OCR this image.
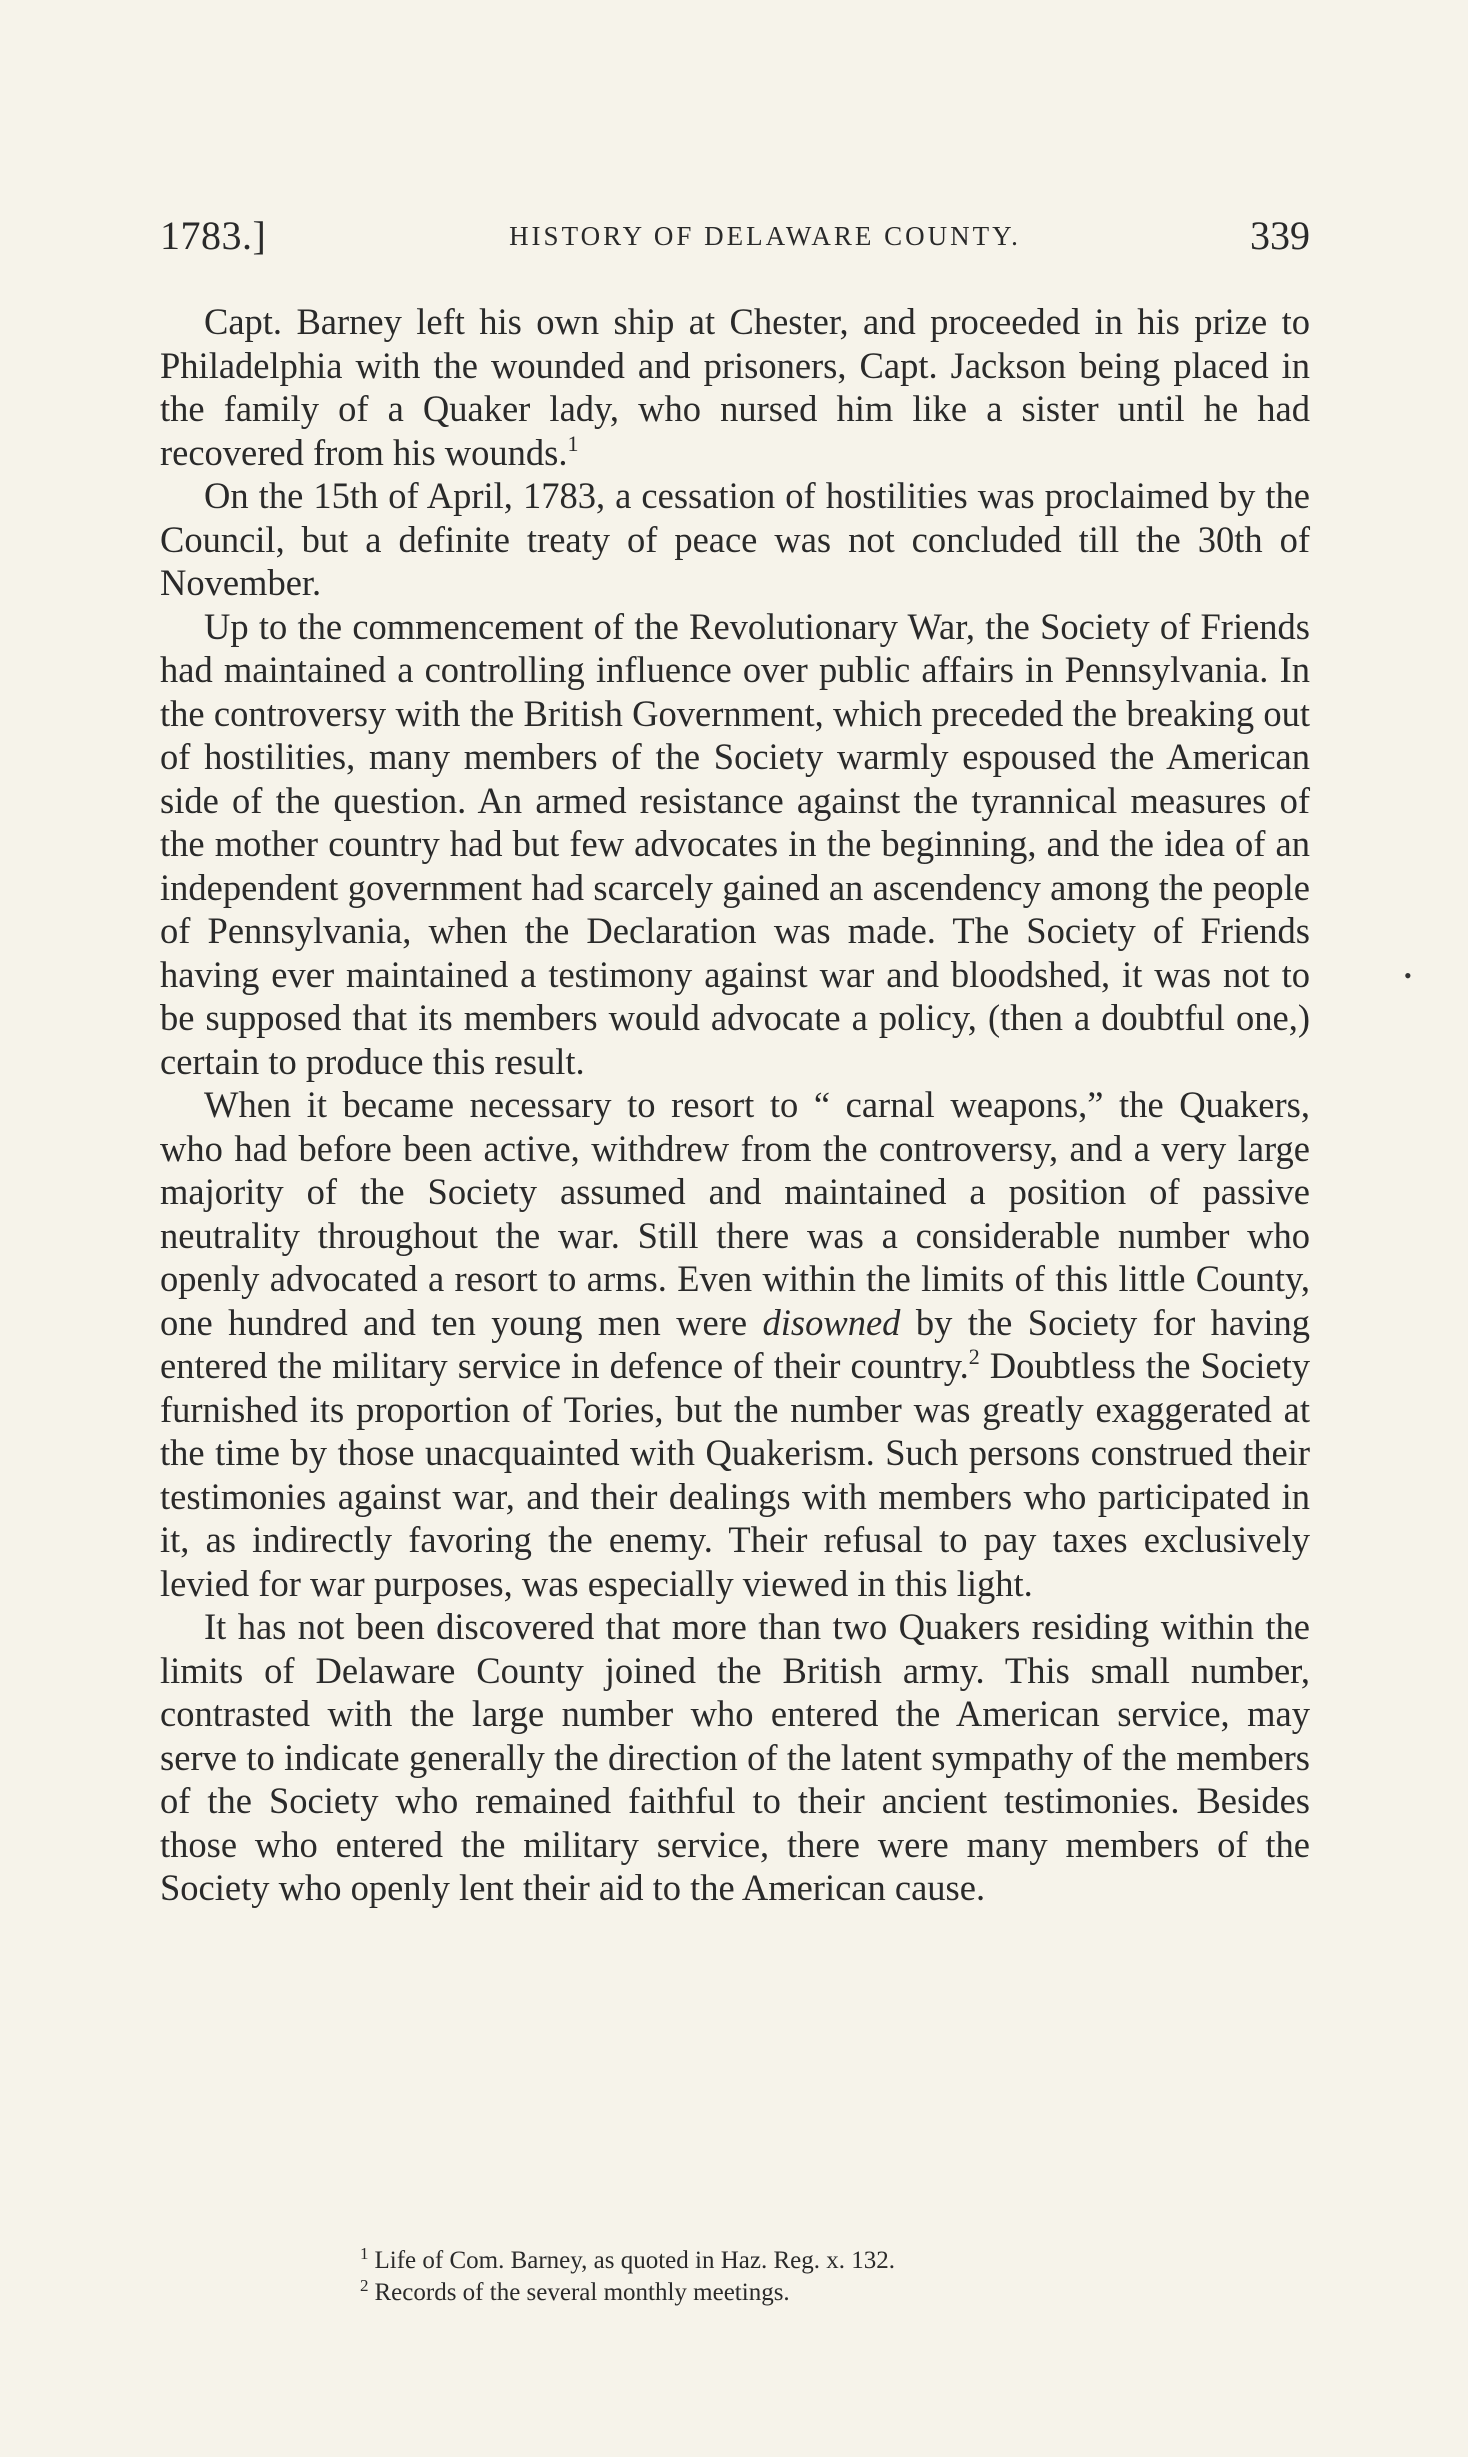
1783.]	HISTORY OF DELAWARE COUNTY.	339

Capt. Barney left his own ship at Chester, and proceeded in his prize to Philadelphia with the wounded and prisoners, Capt. Jackson being placed in the family of a Quaker lady, who nursed him like a sister until he had recovered from his wounds.$^1$

On the 15th of April, 1783, a cessation of hostilities was proclaimed by the Council, but a definite treaty of peace was not concluded till the 30th of November.

Up to the commencement of the Revolutionary War, the Society of Friends had maintained a controlling influence over public affairs in Pennsylvania. In the controversy with the British Government, which preceded the breaking out of hostilities, many members of the Society warmly espoused the American side of the question. An armed resistance against the tyrannical measures of the mother country had but few advocates in the beginning, and the idea of an independent government had scarcely gained an ascendency among the people of Pennsylvania, when the Declaration was made. The Society of Friends having ever maintained a testimony against war and bloodshed, it was not to be supposed that its members would advocate a policy, (then a doubtful one,) certain to produce this result.

When it became necessary to resort to “ carnal weapons,” the Quakers, who had before been active, withdrew from the controversy, and a very large majority of the Society assumed and maintained a position of passive neutrality throughout the war. Still there was a considerable number who openly advocated a resort to arms. Even within the limits of this little County, one hundred and ten young men were disowned by the Society for having entered the military service in defence of their country.$^2$ Doubtless the Society furnished its proportion of Tories, but the number was greatly exaggerated at the time by those unacquainted with Quakerism. Such persons construed their testimonies against war, and their dealings with members who participated in it, as indirectly favoring the enemy. Their refusal to pay taxes exclusively levied for war purposes, was especially viewed in this light.

It has not been discovered that more than two Quakers residing within the limits of Delaware County joined the British army. This small number, contrasted with the large number who entered the American service, may serve to indicate generally the direction of the latent sympathy of the members of the Society who remained faithful to their ancient testimonies. Besides those who entered the military service, there were many members of the Society who openly lent their aid to the American cause.

$^1$ Life of Com. Barney, as quoted in Haz. Reg. x. 132.
$^2$ Records of the several monthly meetings.
•
